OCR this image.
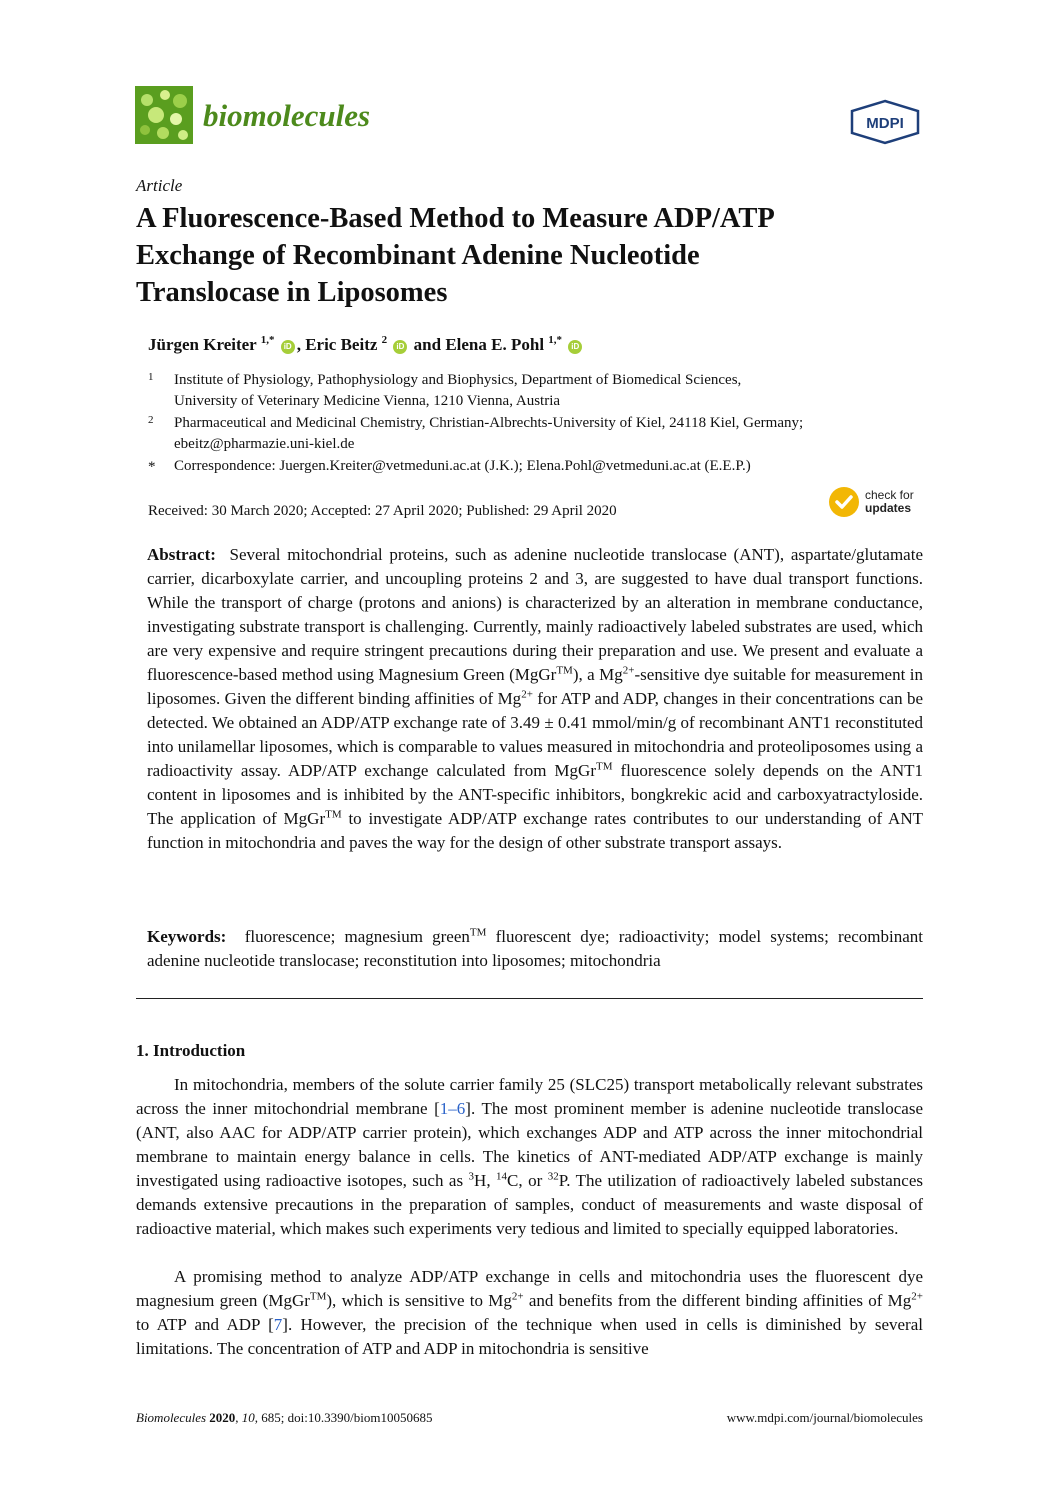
biomolecules	MDPI
Article
A Fluorescence-Based Method to Measure ADP/ATP
Exchange of Recombinant Adenine Nucleotide
Translocase in Liposomes
Jürgen Kreiter $^{1,*}$ iD , Eric Beitz $^2$ iD and Elena E. Pohl $^{1,*}$ iD
1 Institute of Physiology, Pathophysiology and Biophysics, Department of Biomedical Sciences,
University of Veterinary Medicine Vienna, 1210 Vienna, Austria
2 Pharmaceutical and Medicinal Chemistry, Christian-Albrechts-University of Kiel, 24118 Kiel, Germany;
ebeitz@pharmazie.uni-kiel.de
* Correspondence: Juergen.Kreiter@vetmeduni.ac.at (J.K.); Elena.Pohl@vetmeduni.ac.at (E.E.P.)
Received: 30 March 2020; Accepted: 27 April 2020; Published: 29 April 2020
check for
updates
Abstract: Several mitochondrial proteins, such as adenine nucleotide translocase (ANT), aspartate/glutamate carrier, dicarboxylate carrier, and uncoupling proteins 2 and 3, are suggested to have dual transport functions. While the transport of charge (protons and anions) is characterized by an alteration in membrane conductance, investigating substrate transport is challenging. Currently, mainly radioactively labeled substrates are used, which are very expensive and require stringent precautions during their preparation and use. We present and evaluate a fluorescence-based method using Magnesium Green (MgGr™), a $Mg^{2+}$-sensitive dye suitable for measurement in liposomes. Given the different binding affinities of $Mg^{2+}$ for ATP and ADP, changes in their concentrations can be detected. We obtained an ADP/ATP exchange rate of 3.49 ± 0.41 mmol/min/g of recombinant ANT1 reconstituted into unilamellar liposomes, which is comparable to values measured in mitochondria and proteoliposomes using a radioactivity assay. ADP/ATP exchange calculated from MgGr™ fluorescence solely depends on the ANT1 content in liposomes and is inhibited by the ANT-specific inhibitors, bongkrekic acid and carboxyatractyloside. The application of MgGr™ to investigate ADP/ATP exchange rates contributes to our understanding of ANT function in mitochondria and paves the way for the design of other substrate transport assays.
Keywords: fluorescence; magnesium green™ fluorescent dye; radioactivity; model systems; recombinant adenine nucleotide translocase; reconstitution into liposomes; mitochondria
1. Introduction
In mitochondria, members of the solute carrier family 25 (SLC25) transport metabolically relevant substrates across the inner mitochondrial membrane [1–6]. The most prominent member is adenine nucleotide translocase (ANT, also AAC for ADP/ATP carrier protein), which exchanges ADP and ATP across the inner mitochondrial membrane to maintain energy balance in cells. The kinetics of ANT-mediated ADP/ATP exchange is mainly investigated using radioactive isotopes, such as $^3$H, $^{14}$C, or $^{32}$P. The utilization of radioactively labeled substances demands extensive precautions in the preparation of samples, conduct of measurements and waste disposal of radioactive material, which makes such experiments very tedious and limited to specially equipped laboratories.
A promising method to analyze ADP/ATP exchange in cells and mitochondria uses the fluorescent dye magnesium green (MgGr™), which is sensitive to $Mg^{2+}$ and benefits from the different binding affinities of $Mg^{2+}$ to ATP and ADP [7]. However, the precision of the technique when used in cells is diminished by several limitations. The concentration of ATP and ADP in mitochondria is sensitive
Biomolecules 2020, 10, 685; doi:10.3390/biom10050685	www.mdpi.com/journal/biomolecules
